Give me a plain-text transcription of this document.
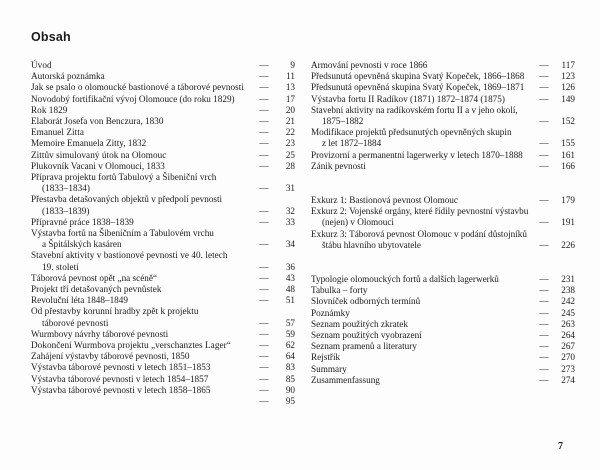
Obsah
Úvod	—	9
Autorská poznámka	—	11
Jak se psalo o olomoucké bastionové a táborové pevnosti	—	13
Novodobý fortifikační vývoj Olomouce (do roku 1829)	—	17
Rok 1829	—	20
Elaborát Josefa von Benczura, 1830	—	21
Emanuel Zitta	—	22
Memoire Emanuela Zitty, 1832	—	23
Zittův simulovaný útok na Olomouc	—	25
Plukovník Vacani v Olomouci, 1833	—	28
Příprava projektu fortů Tabulový a Šibeniční vrch
(1833–1834)	—	31
Přestavba detašovaných objektů v předpolí pevnosti
(1833–1839)	—	32
Přípravné práce 1838–1839	—	33
Výstavba fortů na Šibeničním a Tabulovém vrchu
a Špitálských kasáren	—	34
Stavební aktivity v bastionové pevnosti ve 40. letech
19. století	—	36
Táborová pevnost opět „na scéně“	—	43
Projekt tří detašovaných pevnůstek	—	48
Revoluční léta 1848–1849	—	51
Od přestavby korunní hradby zpět k projektu
táborové pevnosti	—	57
Wurmbovy návrhy táborové pevnosti	—	59
Dokončení Wurmbova projektu „verschanztes Lager“	—	62
Zahájení výstavby táborové pevnosti, 1850	—	64
Výstavba táborové pevnosti v letech 1851–1853	—	83
Výstavba táborové pevnosti v letech 1854–1857	—	85
Výstavba táborové pevnosti v letech 1858–1865	—	90
—	95
Armování pevnosti v roce 1866	—	117
Předsunutá opevněná skupina Svatý Kopeček, 1866–1868	—	123
Předsunutá opevněná skupina Svatý Kopeček, 1869–1871	—	126
Výstavba fortu II Radíkov (1871) 1872–1874 (1875)	—	149
Stavební aktivity na radíkovském fortu II a v jeho okolí,
1875–1882	—	152
Modifikace projektů předsunutých opevněných skupin
z let 1872–1884	—	155
Provizorní a permanentní lagerwerky v letech 1870–1888	—	161
Zánik pevnosti	—	166
Exkurz 1: Bastionová pevnost Olomouc	—	179
Exkurz 2: Vojenské orgány, které řídily pevnostní výstavbu
(nejen) v Olomouci	—	191
Exkurz 3: Táborová pevnost Olomouc v podání důstojníků
štábu hlavního ubytovatele	—	226
Typologie olomouckých fortů a dalších lagerwerků	—	231
Tabulka – forty	—	238
Slovníček odborných termínů	—	242
Poznámky	—	245
Seznam použitých zkratek	—	263
Seznam použitých vyobrazení	—	264
Seznam pramenů a literatury	—	267
Rejstřík	—	270
Summary	—	273
Zusammenfassung	—	274
7
